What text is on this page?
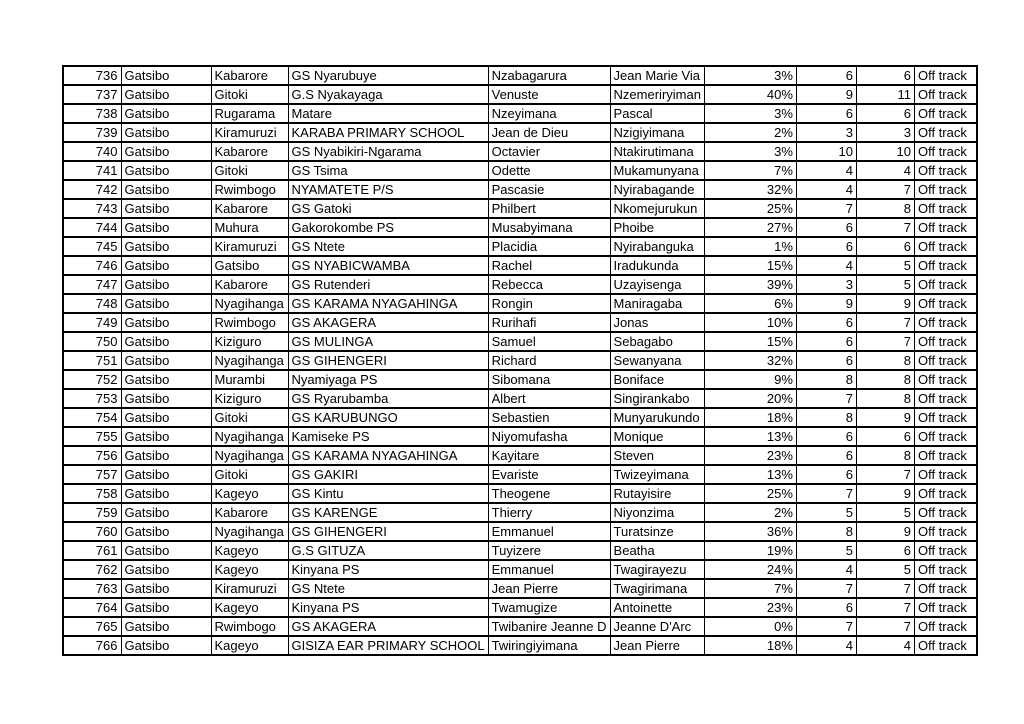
736	Gatsibo	Kabarore	GS Nyarubuye	Nzabagarura	Jean Marie Via	3%	6	6	Off track
737	Gatsibo	Gitoki	G.S Nyakayaga	Venuste	Nzemeriryiman	40%	9	11	Off track
738	Gatsibo	Rugarama	Matare	Nzeyimana	Pascal	3%	6	6	Off track
739	Gatsibo	Kiramuruzi	KARABA PRIMARY SCHOOL	Jean de Dieu	Nzigiyimana	2%	3	3	Off track
740	Gatsibo	Kabarore	GS Nyabikiri-Ngarama	Octavier	Ntakirutimana	3%	10	10	Off track
741	Gatsibo	Gitoki	GS Tsima	Odette	Mukamunyana	7%	4	4	Off track
742	Gatsibo	Rwimbogo	NYAMATETE P/S	Pascasie	Nyirabagande	32%	4	7	Off track
743	Gatsibo	Kabarore	GS Gatoki	Philbert	Nkomejurukun	25%	7	8	Off track
744	Gatsibo	Muhura	Gakorokombe PS	Musabyimana	Phoibe	27%	6	7	Off track
745	Gatsibo	Kiramuruzi	GS Ntete	Placidia	Nyirabanguka	1%	6	6	Off track
746	Gatsibo	Gatsibo	GS NYABICWAMBA	Rachel	Iradukunda	15%	4	5	Off track
747	Gatsibo	Kabarore	GS Rutenderi	Rebecca	Uzayisenga	39%	3	5	Off track
748	Gatsibo	Nyagihanga	GS KARAMA NYAGAHINGA	Rongin	Maniragaba	6%	9	9	Off track
749	Gatsibo	Rwimbogo	GS AKAGERA	Rurihafi	Jonas	10%	6	7	Off track
750	Gatsibo	Kiziguro	GS MULINGA	Samuel	Sebagabo	15%	6	7	Off track
751	Gatsibo	Nyagihanga	GS GIHENGERI	Richard	Sewanyana	32%	6	8	Off track
752	Gatsibo	Murambi	Nyamiyaga PS	Sibomana	Boniface	9%	8	8	Off track
753	Gatsibo	Kiziguro	GS Ryarubamba	Albert	Singirankabo	20%	7	8	Off track
754	Gatsibo	Gitoki	GS KARUBUNGO	Sebastien	Munyarukundo	18%	8	9	Off track
755	Gatsibo	Nyagihanga	Kamiseke PS	Niyomufasha	Monique	13%	6	6	Off track
756	Gatsibo	Nyagihanga	GS KARAMA NYAGAHINGA	Kayitare	Steven	23%	6	8	Off track
757	Gatsibo	Gitoki	GS GAKIRI	Evariste	Twizeyimana	13%	6	7	Off track
758	Gatsibo	Kageyo	GS Kintu	Theogene	Rutayisire	25%	7	9	Off track
759	Gatsibo	Kabarore	GS KARENGE	Thierry	Niyonzima	2%	5	5	Off track
760	Gatsibo	Nyagihanga	GS GIHENGERI	Emmanuel	Turatsinze	36%	8	9	Off track
761	Gatsibo	Kageyo	G.S GITUZA	Tuyizere	Beatha	19%	5	6	Off track
762	Gatsibo	Kageyo	Kinyana PS	Emmanuel	Twagirayezu	24%	4	5	Off track
763	Gatsibo	Kiramuruzi	GS Ntete	Jean Pierre	Twagirimana	7%	7	7	Off track
764	Gatsibo	Kageyo	Kinyana PS	Twamugize	Antoinette	23%	6	7	Off track
765	Gatsibo	Rwimbogo	GS AKAGERA	Twibanire Jeanne D	Jeanne D'Arc	0%	7	7	Off track
766	Gatsibo	Kageyo	GISIZA EAR PRIMARY SCHOOL	Twiringiyimana	Jean Pierre	18%	4	4	Off track
